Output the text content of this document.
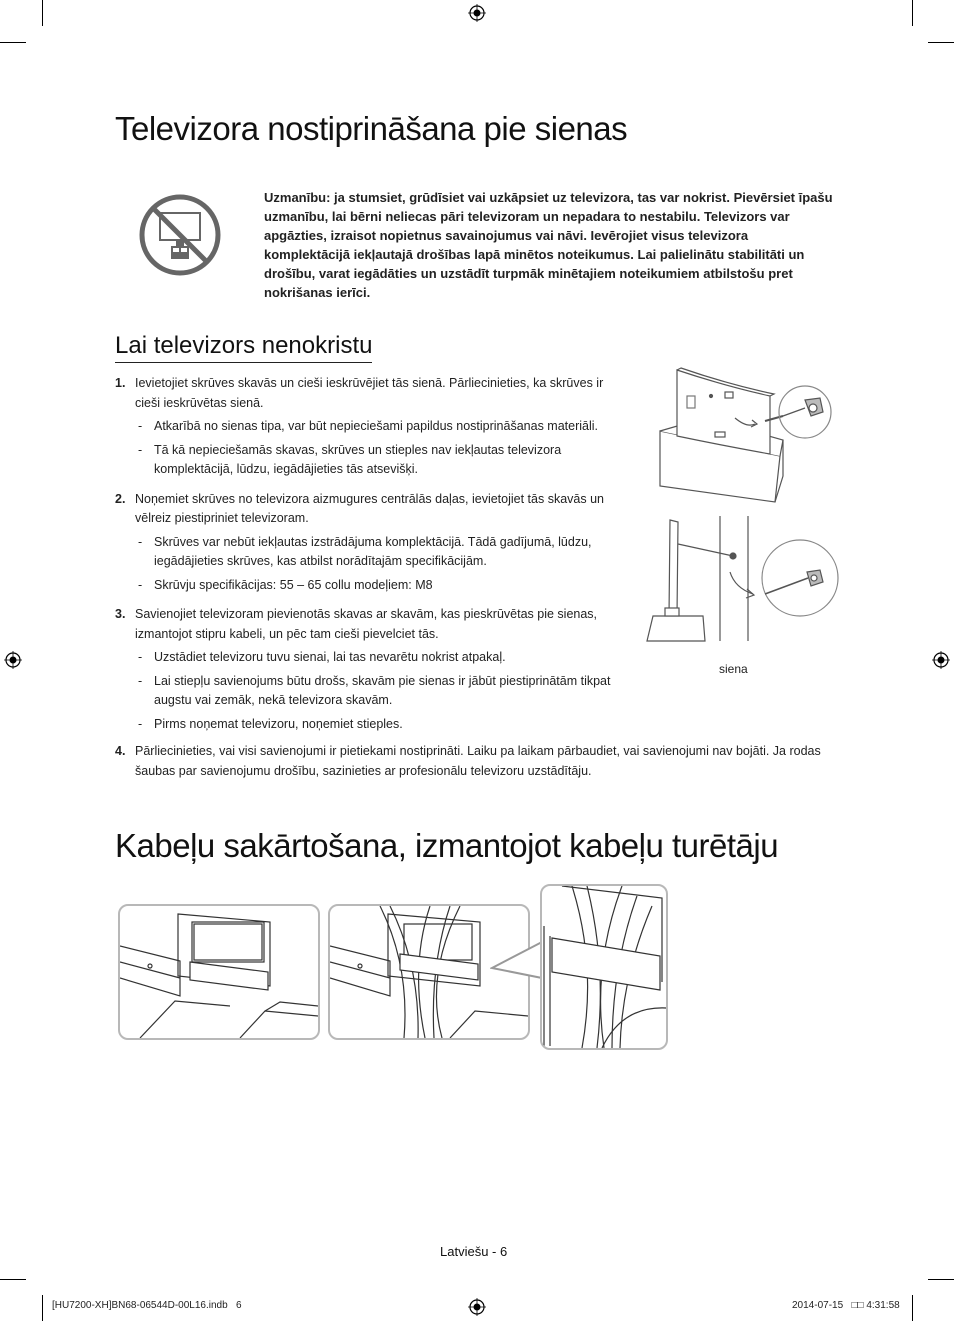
Televizora nostiprināšana pie sienas
Uzmanību: ja stumsiet, grūdīsiet vai uzkāpsiet uz televizora, tas var nokrist. Pievērsiet īpašu uzmanību, lai bērni neliecas pāri televizoram un nepadara to nestabilu. Televizors var apgāzties, izraisot nopietnus savainojumus vai nāvi. Ievērojiet visus televizora komplektācijā iekļautajā drošības lapā minētos noteikumus. Lai palielinātu stabilitāti un drošību, varat iegādāties un uzstādīt turpmāk minētajiem noteikumiem atbilstošu pret nokrišanas ierīci.
Lai televizors nenokristu
1. Ievietojiet skrūves skavās un cieši ieskrūvējiet tās sienā. Pārliecinieties, ka skrūves ir cieši ieskrūvētas sienā.
- Atkarībā no sienas tipa, var būt nepieciešami papildus nostiprināšanas materiāli.
- Tā kā nepieciešamās skavas, skrūves un stieples nav iekļautas televizora komplektācijā, lūdzu, iegādājieties tās atsevišķi.
2. Noņemiet skrūves no televizora aizmugures centrālās daļas, ievietojiet tās skavās un vēlreiz piestipriniet televizoram.
- Skrūves var nebūt iekļautas izstrādājuma komplektācijā. Tādā gadījumā, lūdzu, iegādājieties skrūves, kas atbilst norādītajām specifikācijām.
- Skrūvju specifikācijas: 55 – 65 collu modeļiem: M8
3. Savienojiet televizoram pievienotās skavas ar skavām, kas pieskrūvētas pie sienas, izmantojot stipru kabeli, un pēc tam cieši pievelciet tās.
- Uzstādiet televizoru tuvu sienai, lai tas nevarētu nokrist atpakaļ.
- Lai stiepļu savienojums būtu drošs, skavām pie sienas ir jābūt piestiprinātām tikpat augstu vai zemāk, nekā televizora skavām.
- Pirms noņemat televizoru, noņemiet stieples.
4. Pārliecinieties, vai visi savienojumi ir pietiekami nostiprināti. Laiku pa laikam pārbaudiet, vai savienojumi nav bojāti. Ja rodas šaubas par savienojumu drošību, sazinieties ar profesionālu televizoru uzstādītāju.
siena
Kabeļu sakārtošana, izmantojot kabeļu turētāju
Latviešu - 6
[HU7200-XH]BN68-06544D-00L16.indb   6	2014-07-15   □□ 4:31:58
